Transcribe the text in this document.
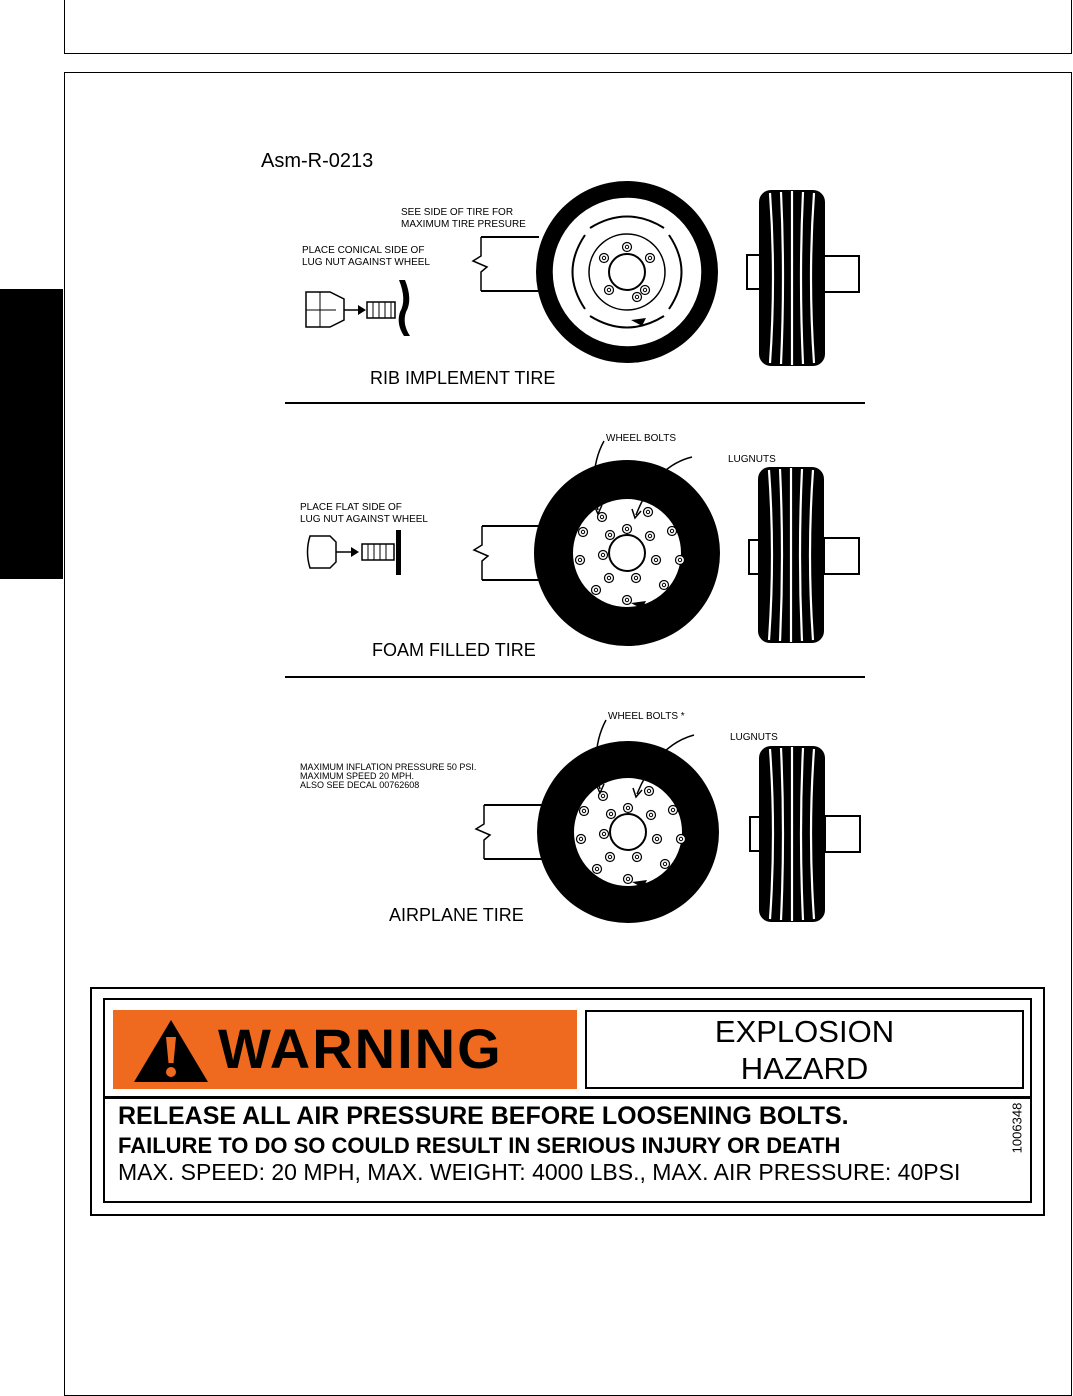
Asm-R-0213
SEE SIDE OF TIRE FOR
MAXIMUM TIRE PRESURE
PLACE CONICAL SIDE OF
LUG NUT AGAINST WHEEL
RIB IMPLEMENT TIRE
WHEEL BOLTS
LUGNUTS
PLACE FLAT SIDE OF
LUG NUT AGAINST WHEEL
FOAM FILLED TIRE
WHEEL BOLTS *
LUGNUTS
MAXIMUM INFLATION PRESSURE 50 PSI.
MAXIMUM SPEED 20 MPH.
ALSO SEE DECAL 00762608
AIRPLANE TIRE
WARNING	EXPLOSION
HAZARD
RELEASE ALL AIR PRESSURE BEFORE LOOSENING BOLTS.
FAILURE TO DO SO COULD RESULT IN SERIOUS INJURY OR DEATH
MAX. SPEED: 20 MPH, MAX. WEIGHT: 4000 LBS., MAX. AIR PRESSURE: 40PSI
1006348
